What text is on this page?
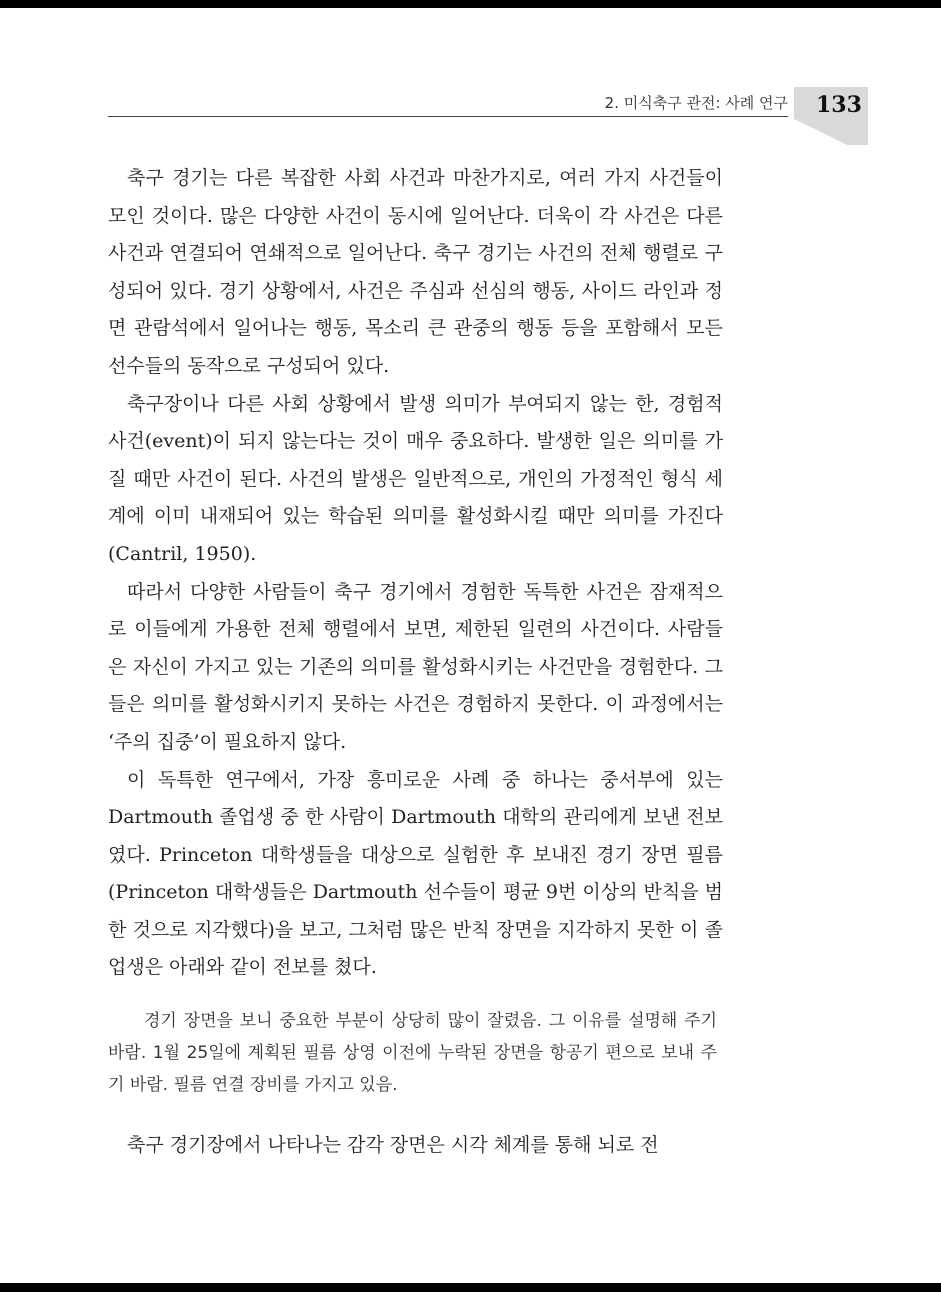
2. 미식축구 관전: 사례 연구 133

축구 경기는 다른 복잡한 사회 사건과 마찬가지로, 여러 가지 사건들이 모인 것이다. 많은 다양한 사건이 동시에 일어난다. 더욱이 각 사건은 다른 사건과 연결되어 연쇄적으로 일어난다. 축구 경기는 사건의 전체 행렬로 구성되어 있다. 경기 상황에서, 사건은 주심과 선심의 행동, 사이드 라인과 정면 관람석에서 일어나는 행동, 목소리 큰 관중의 행동 등을 포함해서 모든 선수들의 동작으로 구성되어 있다.

축구장이나 다른 사회 상황에서 발생 의미가 부여되지 않는 한, 경험적 사건(event)이 되지 않는다는 것이 매우 중요하다. 발생한 일은 의미를 가질 때만 사건이 된다. 사건의 발생은 일반적으로, 개인의 가정적인 형식 세계에 이미 내재되어 있는 학습된 의미를 활성화시킬 때만 의미를 가진다(Cantril, 1950).

따라서 다양한 사람들이 축구 경기에서 경험한 독특한 사건은 잠재적으로 이들에게 가용한 전체 행렬에서 보면, 제한된 일련의 사건이다. 사람들은 자신이 가지고 있는 기존의 의미를 활성화시키는 사건만을 경험한다. 그들은 의미를 활성화시키지 못하는 사건은 경험하지 못한다. 이 과정에서는 ‘주의 집중’이 필요하지 않다.

이 독특한 연구에서, 가장 흥미로운 사례 중 하나는 중서부에 있는 Dartmouth 졸업생 중 한 사람이 Dartmouth 대학의 관리에게 보낸 전보였다. Princeton 대학생들을 대상으로 실험한 후 보내진 경기 장면 필름(Princeton 대학생들은 Dartmouth 선수들이 평균 9번 이상의 반칙을 범한 것으로 지각했다)을 보고, 그처럼 많은 반칙 장면을 지각하지 못한 이 졸업생은 아래와 같이 전보를 쳤다.

경기 장면을 보니 중요한 부분이 상당히 많이 잘렸음. 그 이유를 설명해 주기 바람. 1월 25일에 계획된 필름 상영 이전에 누락된 장면을 항공기 편으로 보내 주기 바람. 필름 연결 장비를 가지고 있음.

축구 경기장에서 나타나는 감각 장면은 시각 체계를 통해 뇌로 전
